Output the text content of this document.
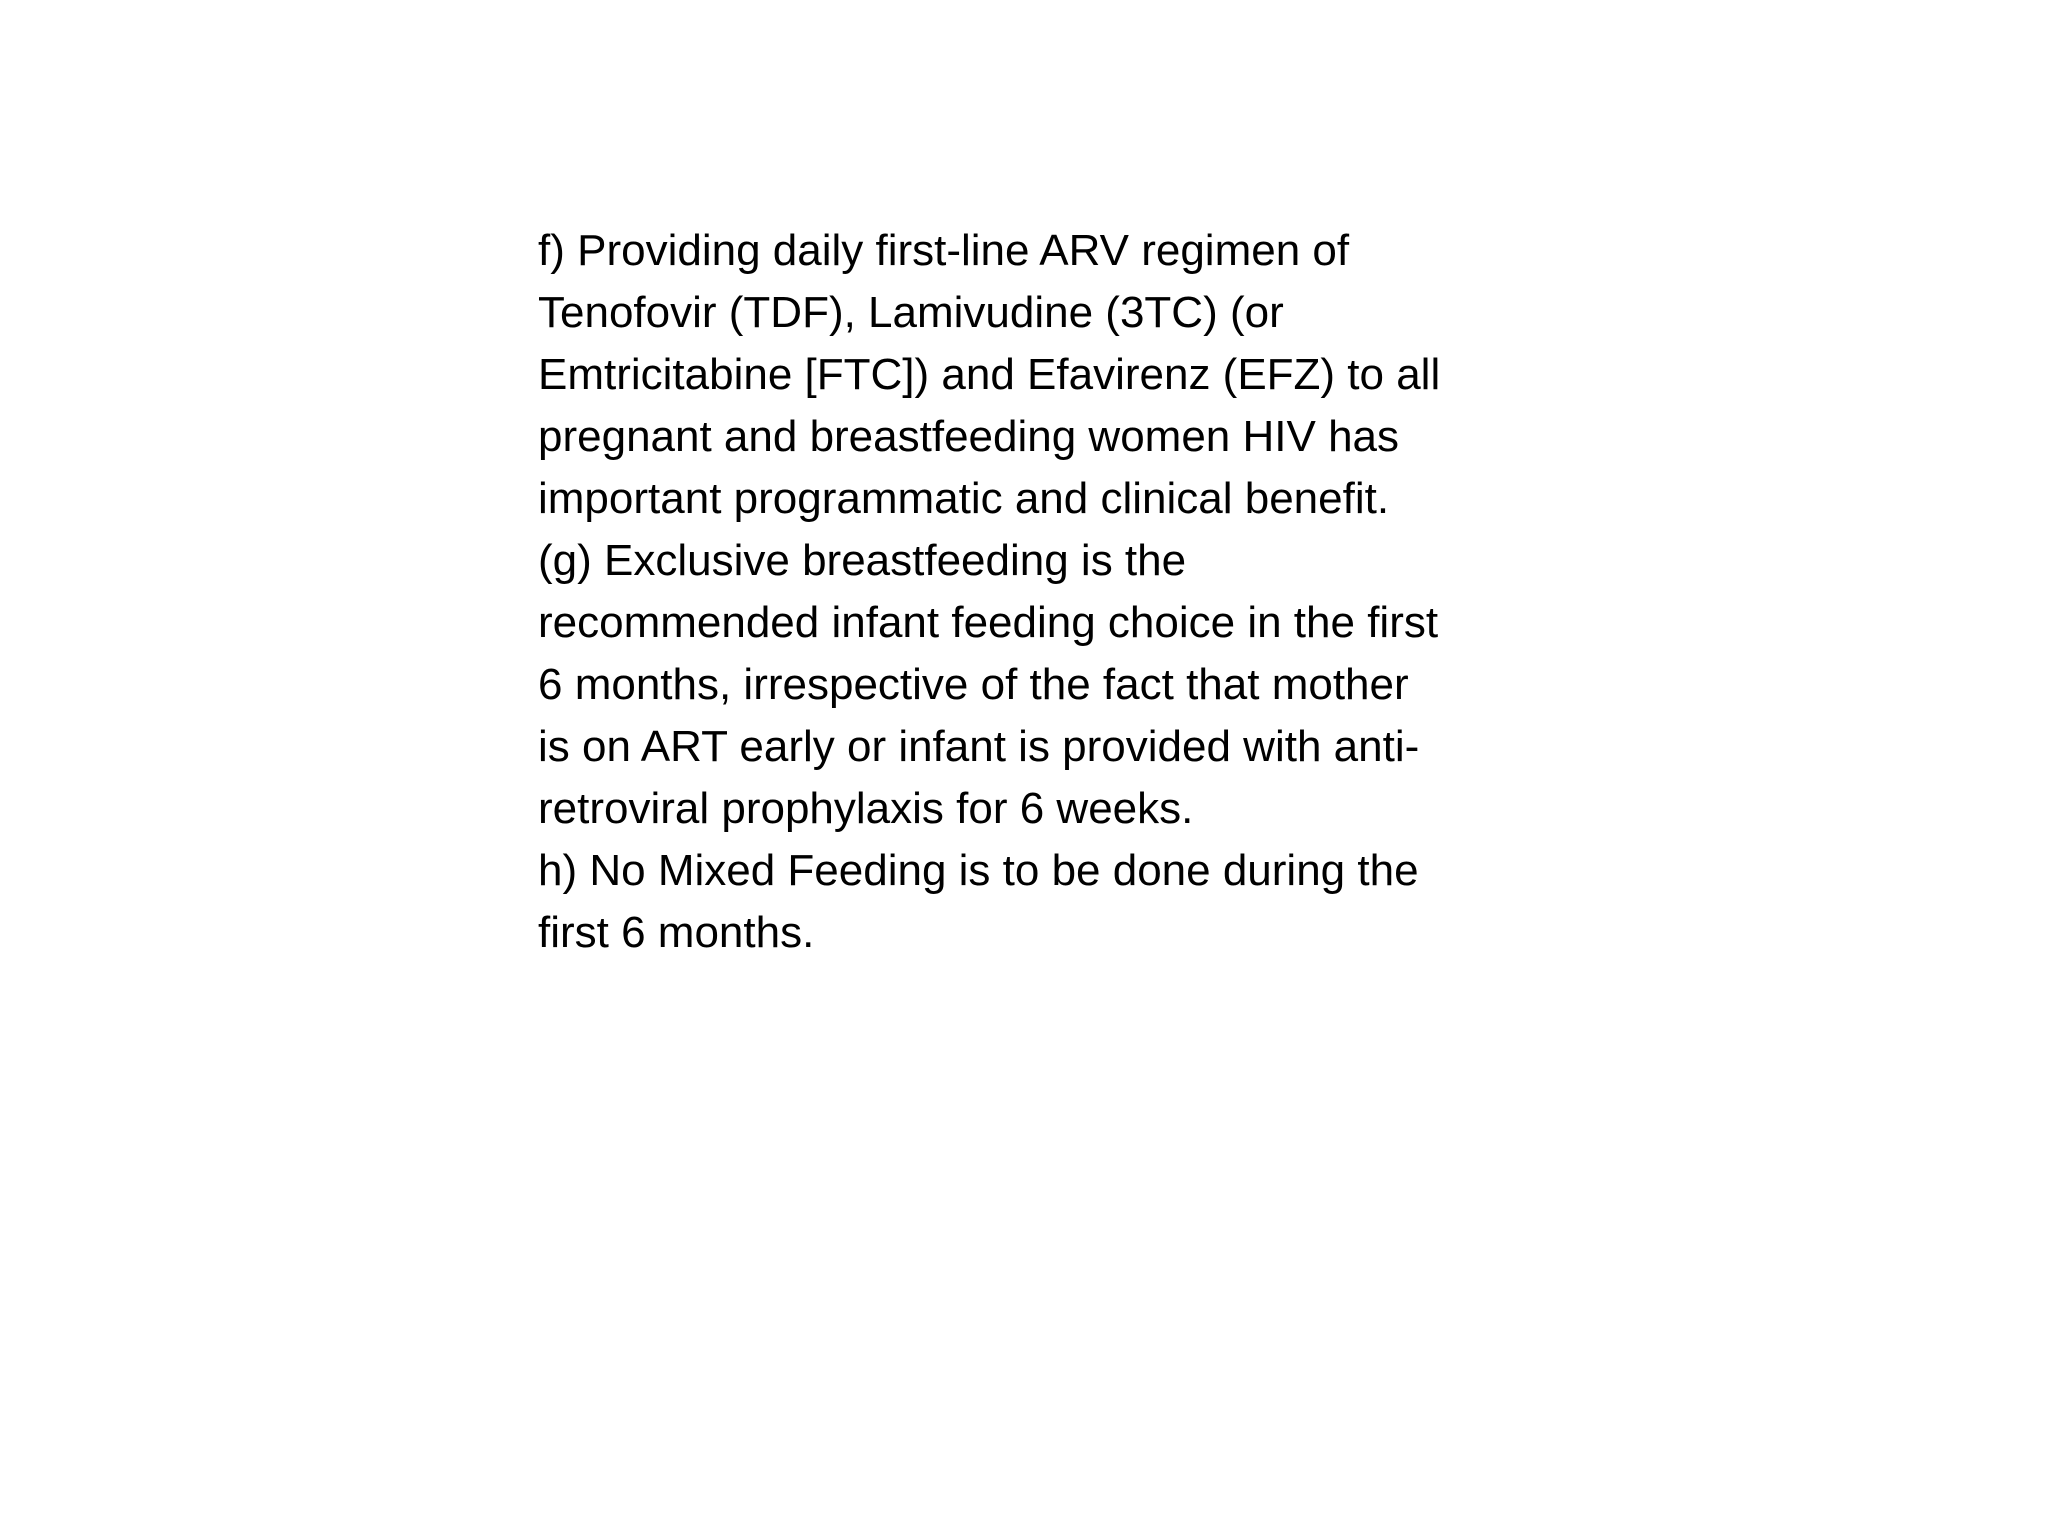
f) Providing daily first-line ARV regimen of
Tenofovir (TDF), Lamivudine (3TC) (or
Emtricitabine [FTC]) and Efavirenz (EFZ) to all
pregnant and breastfeeding women HIV has
important programmatic and clinical benefit.
(g) Exclusive breastfeeding is the
recommended infant feeding choice in the first
6 months, irrespective of the fact that mother
is on ART early or infant is provided with anti-
retroviral prophylaxis for 6 weeks.
h) No Mixed Feeding is to be done during the
first 6 months.
